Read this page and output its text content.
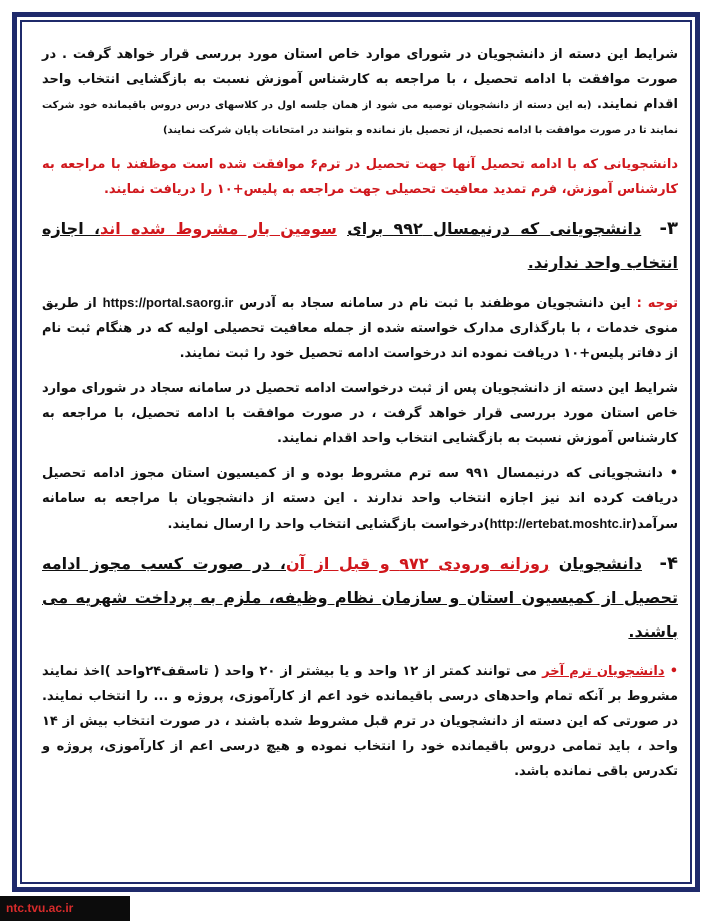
شرایط این دسته از دانشجویان در شورای موارد خاص استان مورد بررسی قرار خواهد گرفت . در صورت موافقت با ادامه تحصیل ، با مراجعه به کارشناس آموزش نسبت به بازگشایی انتخاب واحد اقدام نمایند. (به این دسته از دانشجویان توصیه می شود از همان جلسه اول در کلاسهای درس دروس باقیمانده خود شرکت نمایند تا در صورت موافقت با ادامه تحصیل، از تحصیل باز نمانده و بتوانند در امتحانات پایان شرکت نمایند)

دانشجویانی که با ادامه تحصیل آنها جهت تحصیل در ترم۶ موافقت شده است موظفند با مراجعه به کارشناس آموزش، فرم تمدید معافیت تحصیلی جهت مراجعه به پلیس+۱۰ را دریافت نمایند.

۳- دانشجویانی که درنیمسال ۹۹۲ برای سومین بار مشروط شده اند، اجازه انتخاب واحد ندارند.

توجه : این دانشجویان موظفند با ثبت نام در سامانه سجاد به آدرس https://portal.saorg.ir از طریق منوی خدمات ، با بارگذاری مدارک خواسته شده از جمله معافیت تحصیلی اولیه که در هنگام ثبت نام از دفاتر پلیس+۱۰ دریافت نموده اند درخواست ادامه تحصیل خود را ثبت نمایند.

شرایط این دسته از دانشجویان پس از ثبت درخواست ادامه تحصیل در سامانه سجاد در شورای موارد خاص استان مورد بررسی قرار خواهد گرفت ، در صورت موافقت با ادامه تحصیل، با مراجعه به کارشناس آموزش نسبت به بازگشایی انتخاب واحد اقدام نمایند.

• دانشجویانی که درنیمسال ۹۹۱ سه ترم مشروط بوده و از کمیسیون استان مجوز ادامه تحصیل دریافت کرده اند نیز اجازه انتخاب واحد ندارند . این دسته از دانشجویان با مراجعه به سامانه سرآمد(http://ertebat.moshtc.ir)درخواست بازگشایی انتخاب واحد را ارسال نمایند.

۴- دانشجویان روزانه ورودی ۹۷۲ و قبل از آن، در صورت کسب مجوز ادامه تحصیل از کمیسیون استان و سازمان نظام وظیفه، ملزم به پرداخت شهریه می باشند.

• دانشجویان ترم آخر می توانند کمتر از ۱۲ واحد و یا بیشتر از ۲۰ واحد ( تاسقف۲۴واحد )اخذ نمایند مشروط بر آنکه تمام واحدهای درسی باقیمانده خود اعم از کارآموزی، پروژه و ... را انتخاب نمایند. در صورتی که این دسته از دانشجویان در ترم قبل مشروط شده باشند ، در صورت انتخاب بیش از ۱۴ واحد ، باید تمامی دروس باقیمانده خود را انتخاب نموده و هیچ درسی اعم از کارآموزی، پروژه و تکدرس باقی نمانده باشد.

ntc.tvu.ac.ir
